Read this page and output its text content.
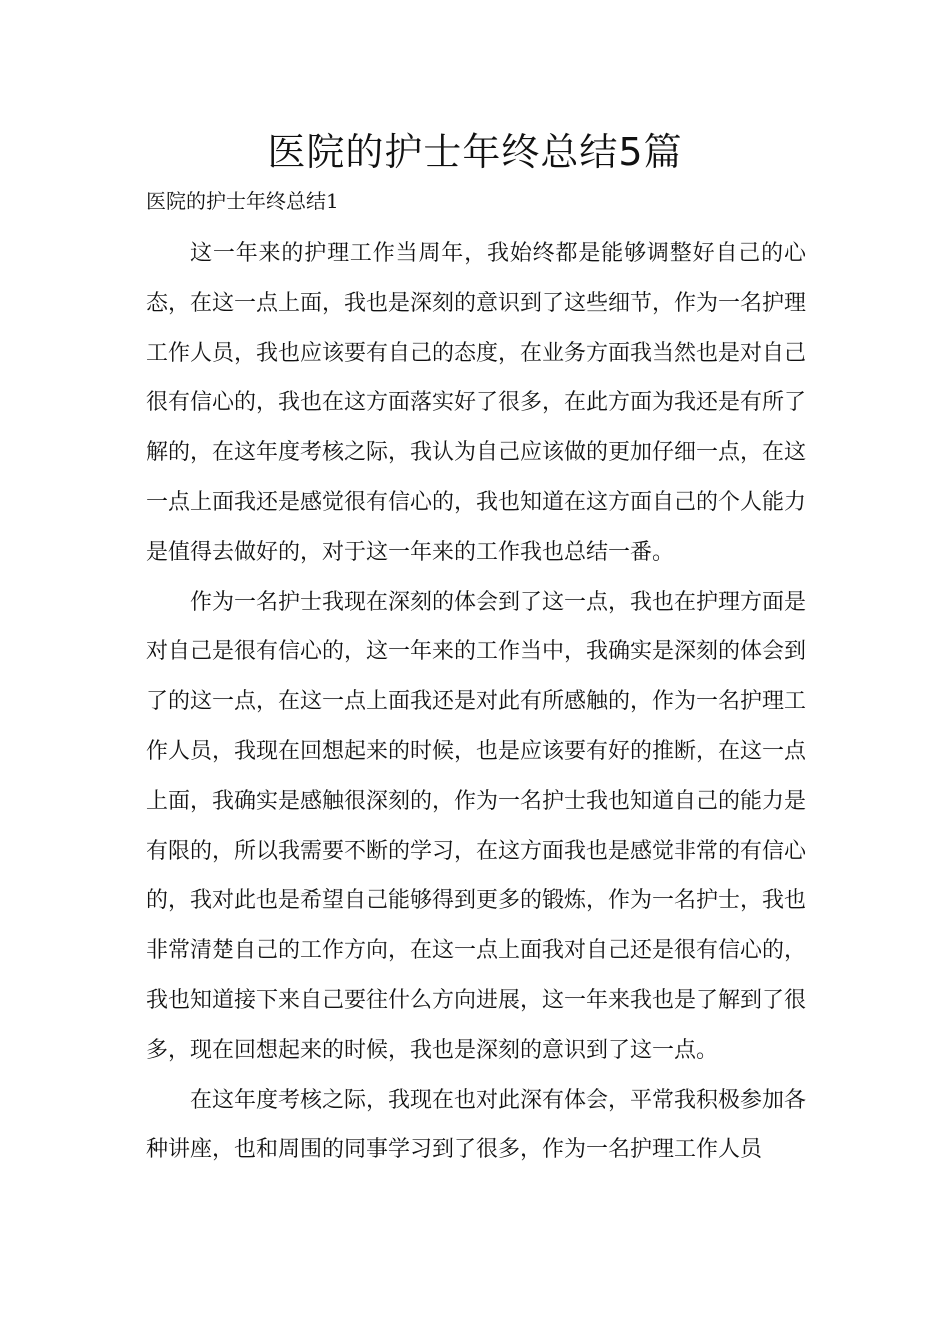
医院的护士年终总结5篇
医院的护士年终总结1

这一年来的护理工作当周年，我始终都是能够调整好自己的心态，在这一点上面，我也是深刻的意识到了这些细节，作为一名护理工作人员，我也应该要有自己的态度，在业务方面我当然也是对自己很有信心的，我也在这方面落实好了很多，在此方面为我还是有所了解的，在这年度考核之际，我认为自己应该做的更加仔细一点，在这一点上面我还是感觉很有信心的，我也知道在这方面自己的个人能力是值得去做好的，对于这一年来的工作我也总结一番。

作为一名护士我现在深刻的体会到了这一点，我也在护理方面是对自己是很有信心的，这一年来的工作当中，我确实是深刻的体会到了的这一点，在这一点上面我还是对此有所感触的，作为一名护理工作人员，我现在回想起来的时候，也是应该要有好的推断，在这一点上面，我确实是感触很深刻的，作为一名护士我也知道自己的能力是有限的，所以我需要不断的学习，在这方面我也是感觉非常的有信心的，我对此也是希望自己能够得到更多的锻炼，作为一名护士，我也非常清楚自己的工作方向，在这一点上面我对自己还是很有信心的，我也知道接下来自己要往什么方向进展，这一年来我也是了解到了很多，现在回想起来的时候，我也是深刻的意识到了这一点。

在这年度考核之际，我现在也对此深有体会，平常我积极参加各种讲座，也和周围的同事学习到了很多，作为一名护理工作人员
